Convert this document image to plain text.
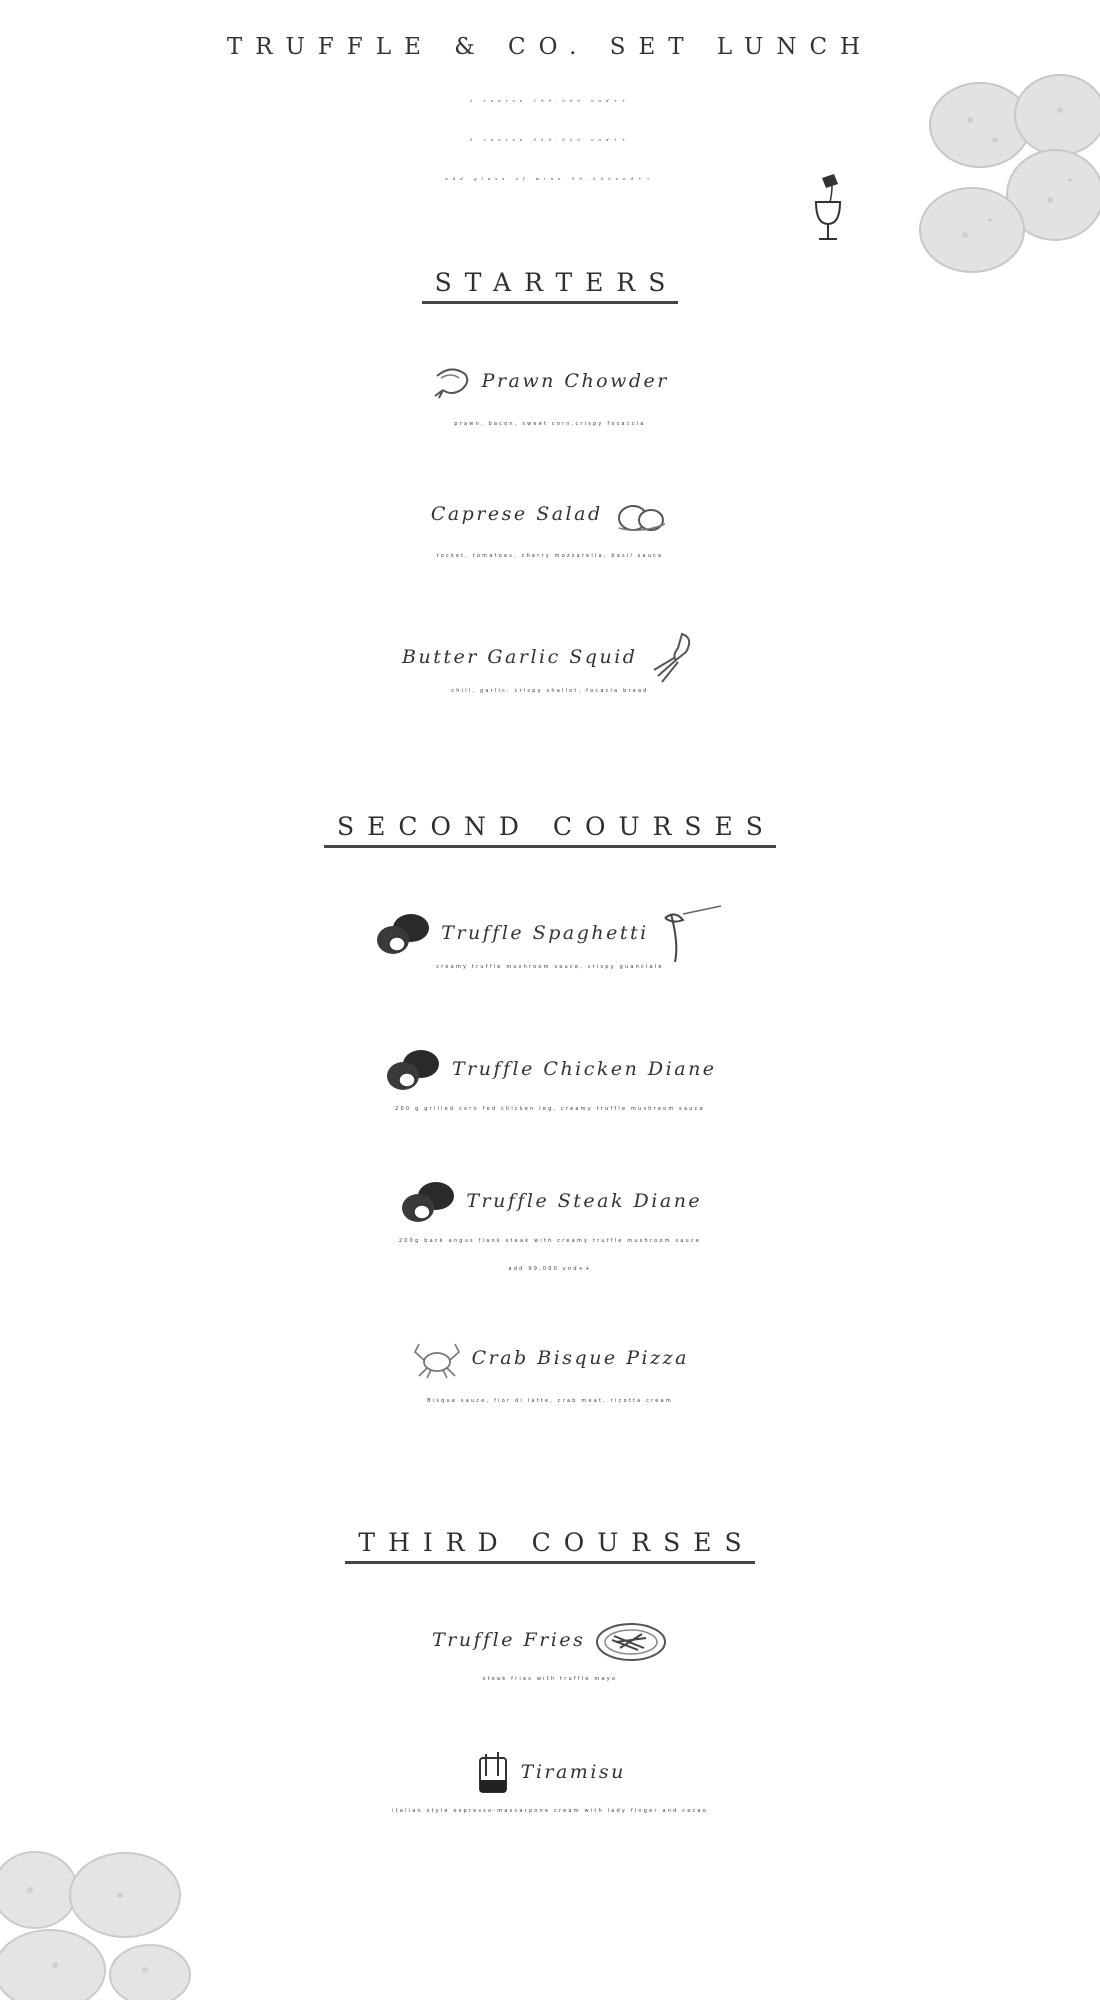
TRUFFLE & CO. SET LUNCH
2 course 299,000 vnd++
3 course 359,000 vnd++
add glass of wine 99,000vnd++
STARTERS
Prawn Chowder
prawn, bacon, sweet corn,crispy focaccia
Caprese Salad
rocket, tomatoes, cherry mozzarella, basil sauce
Butter Garlic Squid
chili, garlic, crispy shallot, focacia bread
SECOND COURSES
Truffle Spaghetti
creamy truffle mushroom sauce, crispy guanciale
Truffle Chicken Diane
200 g grilled corn fed chicken leg, creamy truffle mushroom sauce
Truffle Steak Diane
200g back angus flank steak with creamy truffle mushroom sauce
add 99,000 vnd++
Crab Bisque Pizza
Bisque sauce, fior di latte, crab meat, ricotta cream
THIRD COURSES
Truffle Fries
steak fries with truffle mayo
Tiramisu
italian style espresso-mascarpone cream with lady finger and cacao
